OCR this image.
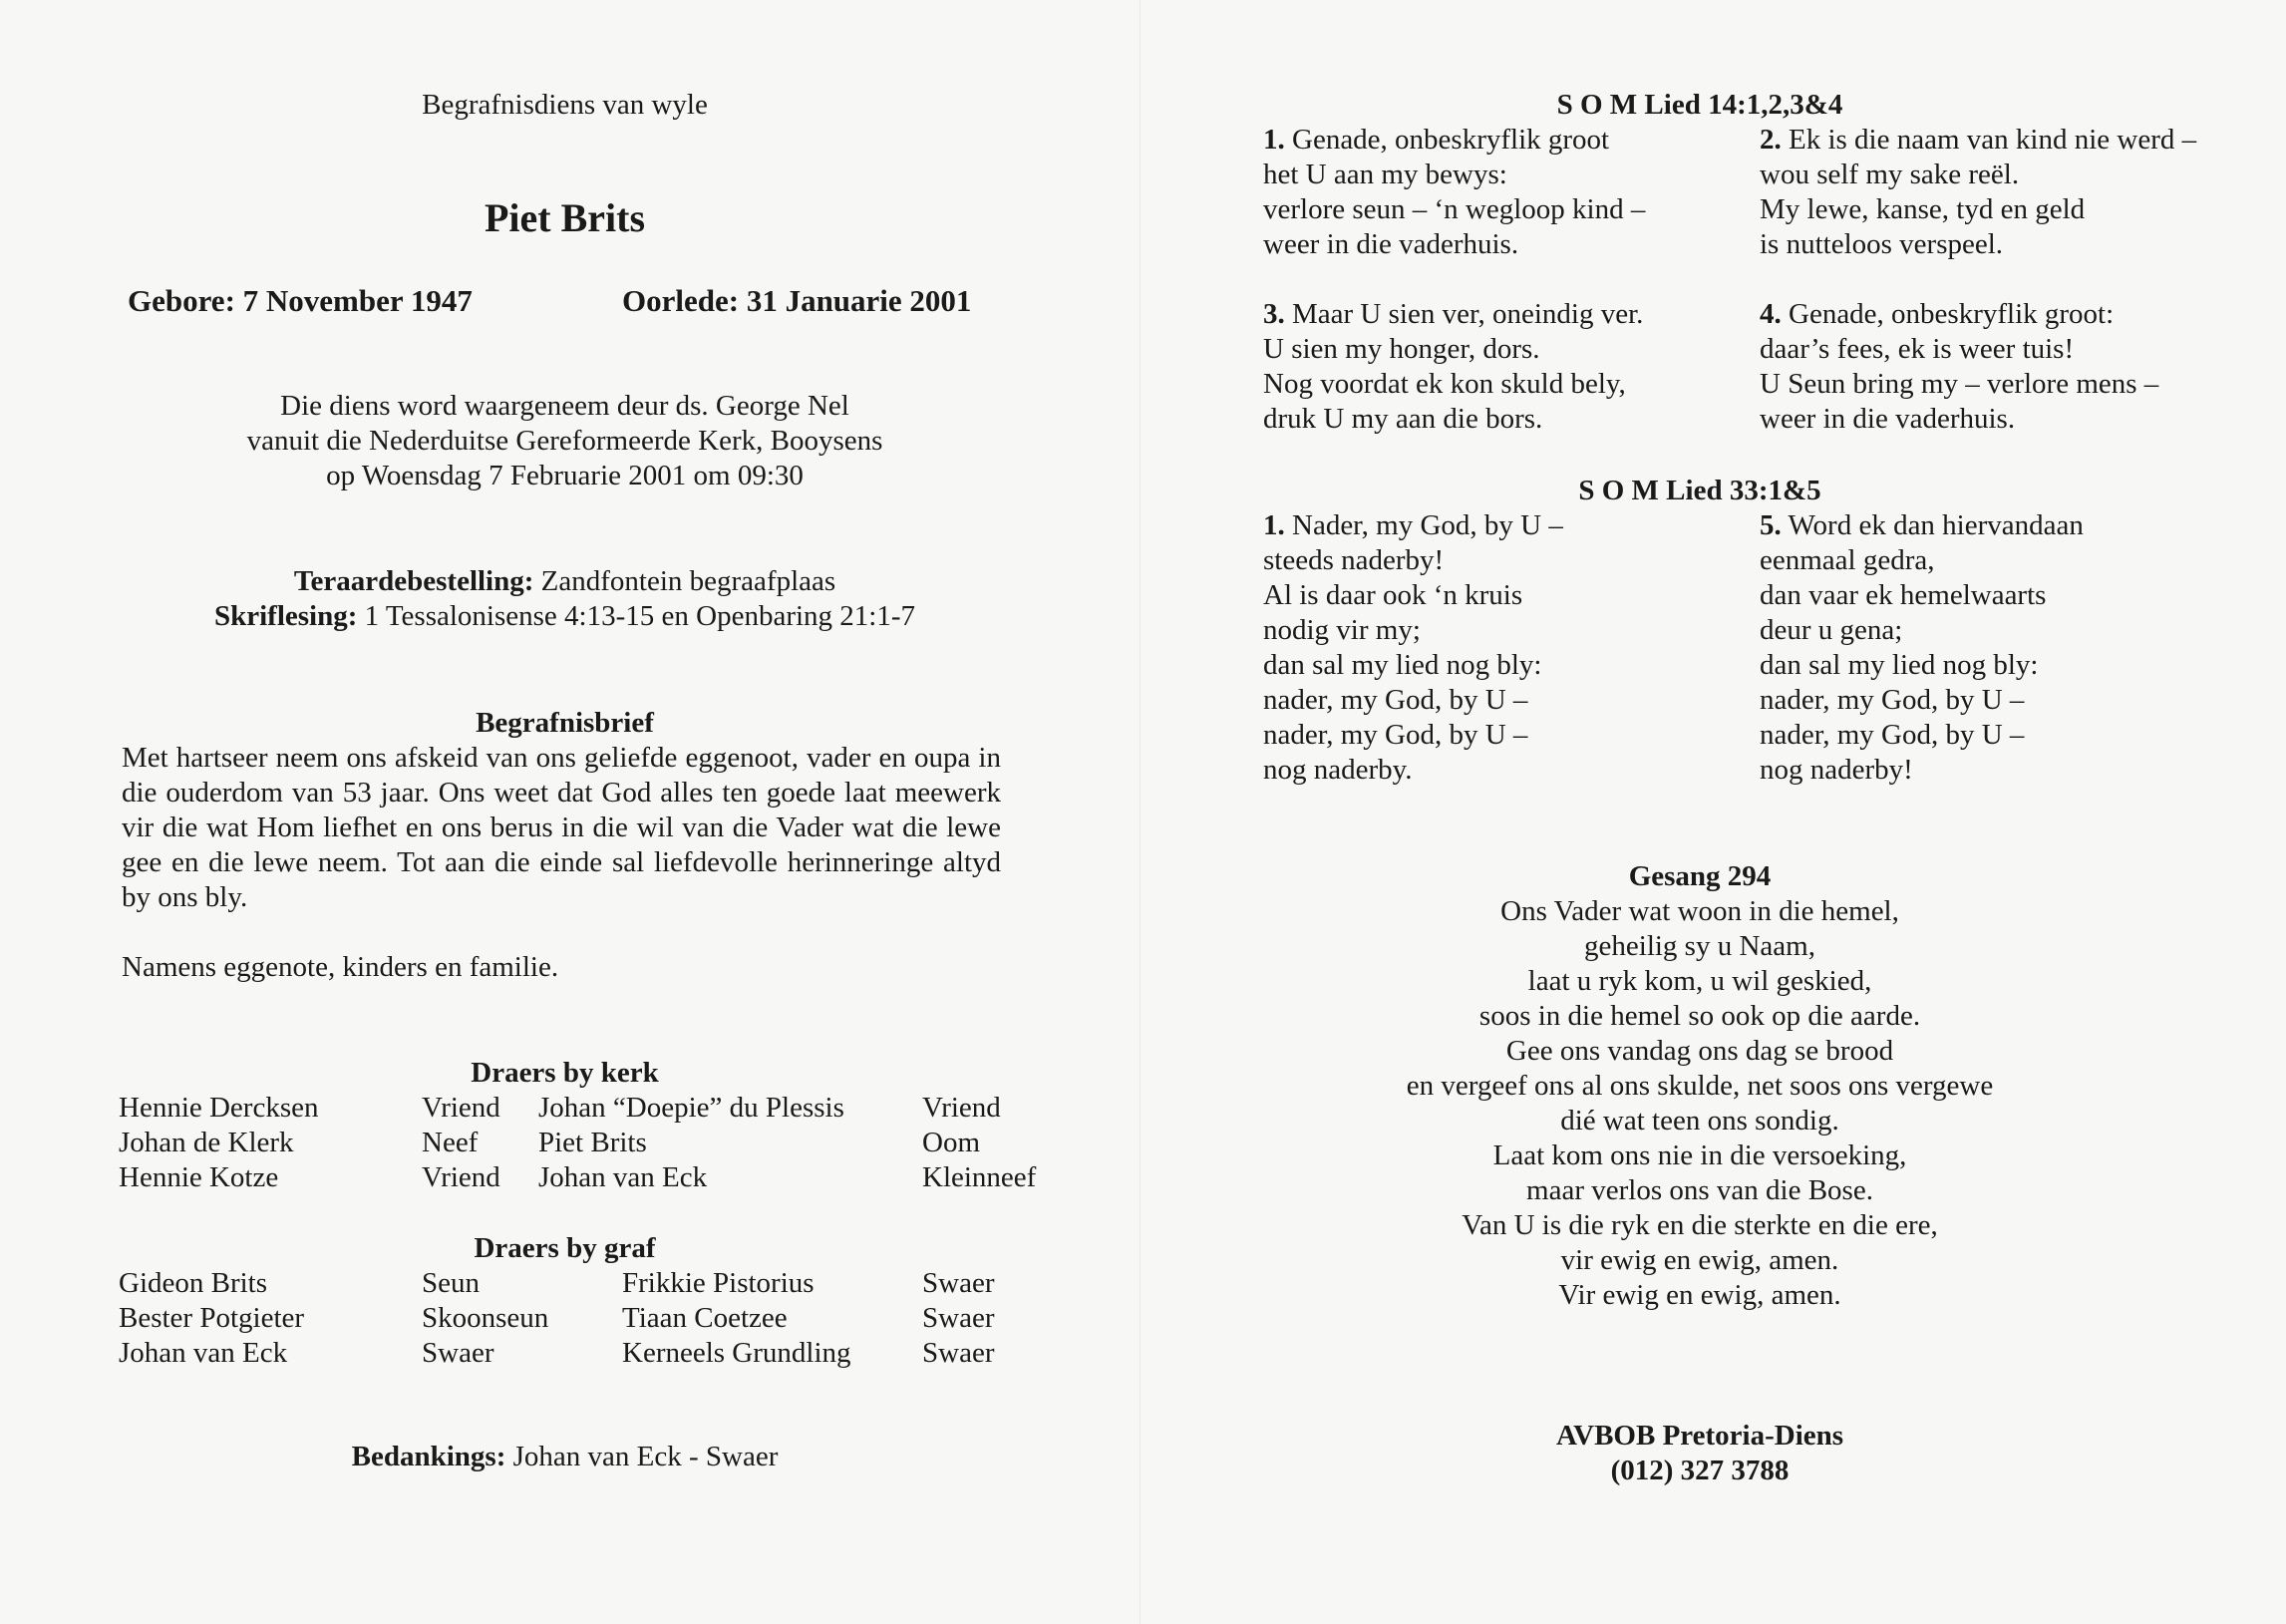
Begrafnisdiens van wyle
Piet Brits
Gebore: 7 November 1947	Oorlede: 31 Januarie 2001
Die diens word waargeneem deur ds. George Nel
vanuit die Nederduitse Gereformeerde Kerk, Booysens
op Woensdag 7 Februarie 2001 om 09:30
Teraardebestelling: Zandfontein begraafplaas
Skriflesing: 1 Tessalonisense 4:13-15 en Openbaring 21:1-7
Begrafnisbrief
Met hartseer neem ons afskeid van ons geliefde eggenoot, vader en oupa in die ouderdom van 53 jaar. Ons weet dat God alles ten goede laat meewerk vir die wat Hom liefhet en ons berus in die wil van die Vader wat die lewe gee en die lewe neem. Tot aan die einde sal liefdevolle herinneringe altyd by ons bly.
Namens eggenote, kinders en familie.
Draers by kerk
Hennie Dercksen	Vriend Johan “Doepie” du Plessis	Vriend
Johan de Klerk	Neef Piet Brits	Oom
Hennie Kotze	Vriend Johan van Eck	Kleinneef
Draers by graf
Gideon Brits	Seun	Frikkie Pistorius	Swaer
Bester Potgieter	Skoonseun	Tiaan Coetzee	Swaer
Johan van Eck	Swaer	Kerneels Grundling Swaer
Bedankings: Johan van Eck - Swaer
S O M Lied 14:1,2,3&4
1. Genade, onbeskryflik groot
het U aan my bewys:
verlore seun – ‘n wegloop kind –
weer in die vaderhuis.
2. Ek is die naam van kind nie werd –
wou self my sake reël.
My lewe, kanse, tyd en geld
is nutteloos verspeel.
3. Maar U sien ver, oneindig ver.
U sien my honger, dors.
Nog voordat ek kon skuld bely,
druk U my aan die bors.
4. Genade, onbeskryflik groot:
daar’s fees, ek is weer tuis!
U Seun bring my – verlore mens –
weer in die vaderhuis.
S O M Lied 33:1&5
1. Nader, my God, by U –
steeds naderby!
Al is daar ook ‘n kruis
nodig vir my;
dan sal my lied nog bly:
nader, my God, by U –
nader, my God, by U –
nog naderby.
5. Word ek dan hiervandaan
eenmaal gedra,
dan vaar ek hemelwaarts
deur u gena;
dan sal my lied nog bly:
nader, my God, by U –
nader, my God, by U –
nog naderby!
Gesang 294
Ons Vader wat woon in die hemel,
geheilig sy u Naam,
laat u ryk kom, u wil geskied,
soos in die hemel so ook op die aarde.
Gee ons vandag ons dag se brood
en vergeef ons al ons skulde, net soos ons vergewe
dié wat teen ons sondig.
Laat kom ons nie in die versoeking,
maar verlos ons van die Bose.
Van U is die ryk en die sterkte en die ere,
vir ewig en ewig, amen.
Vir ewig en ewig, amen.
AVBOB Pretoria-Diens
(012) 327 3788
